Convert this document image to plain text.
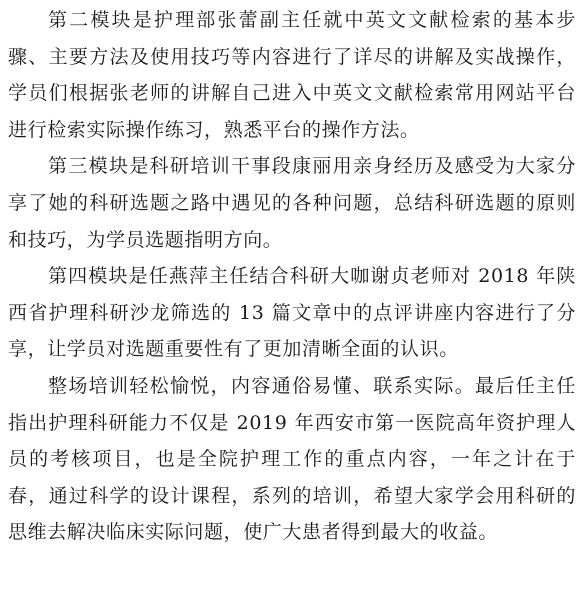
第二模块是护理部张蕾副主任就中英文文献检索的基本步骤、主要方法及使用技巧等内容进行了详尽的讲解及实战操作，学员们根据张老师的讲解自己进入中英文文献检索常用网站平台进行检索实际操作练习，熟悉平台的操作方法。

第三模块是科研培训干事段康丽用亲身经历及感受为大家分享了她的科研选题之路中遇见的各种问题，总结科研选题的原则和技巧，为学员选题指明方向。

第四模块是任燕萍主任结合科研大咖谢贞老师对 2018 年陕西省护理科研沙龙筛选的 13 篇文章中的点评讲座内容进行了分享，让学员对选题重要性有了更加清晰全面的认识。

整场培训轻松愉悦，内容通俗易懂、联系实际。最后任主任指出护理科研能力不仅是 2019 年西安市第一医院高年资护理人员的考核项目，也是全院护理工作的重点内容，一年之计在于春，通过科学的设计课程，系列的培训，希望大家学会用科研的思维去解决临床实际问题，使广大患者得到最大的收益。
